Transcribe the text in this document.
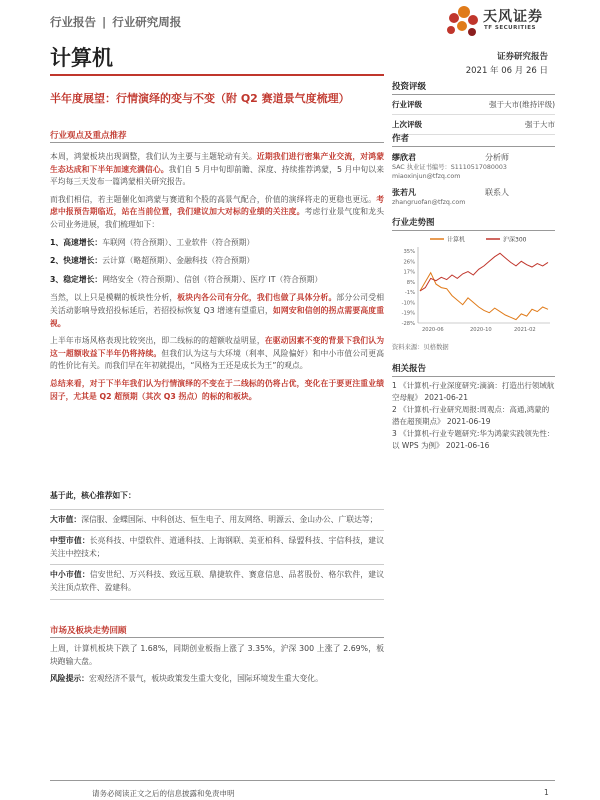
行业报告 | 行业研究周报	天风证券
TF SECURITIES
计算机	证券研究报告
2021 年 06 月 26 日
半年度展望：行情演绎的变与不变（附 Q2 赛道景气度梳理）
行业观点及重点推荐

本周，鸿蒙板块出现调整，我们认为主要与主题轮动有关。近期我们进行密集产业交流，对鸿蒙生态达成和下半年加速充满信心。我们自 5 月中旬即前瞻、深度、持续推荐鸿蒙，5 月中旬以来平均每三天发布一篇鸿蒙相关研究报告。

而我们相信，若主题催化如鸿蒙与赛道和个股的高景气配合，价值的演绎将走的更稳也更远。考虑中报预告期临近，站在当前位置，我们建议加大对标的业绩的关注度。考虑行业景气度和龙头公司业务进展，我们梳理如下：

1、高速增长：车联网（符合预期）、工业软件（符合预期）

2、快速增长：云计算（略超预期）、金融科技（符合预期）

3、稳定增长：网络安全（符合预期）、信创（符合预期）、医疗 IT（符合预期）

当然，以上只是模糊的板块性分析，板块内各公司有分化，我们也做了具体分析。部分公司受相关活动影响导致招投标延后，若招投标恢复 Q3 增速有望重启，如网安和信创的拐点需要高度重视。

上半年市场风格表现比较突出，即二线标的的超额收益明显，在驱动因素不变的背景下我们认为这一超额收益下半年仍将持续。但我们认为这与大环境（利率、风险偏好）和中小市值公司更高的性价比有关。而我们早在年初就提出，“风格为王还是成长为王”的观点。

总结来看，对于下半年我们认为行情演绎的不变在于二线标的仍将占优，变化在于要更注重业绩因子，尤其是 Q2 超预期（其次 Q3 拐点）的标的和板块。

基于此，核心推荐如下：

大市值：深信服、金蝶国际、中科创达、恒生电子、用友网络、明源云、金山办公、广联达等；

中型市值：长亮科技、中望软件、道通科技、上海钢联、美亚柏科、绿盟科技、宇信科技，建议关注中控技术；

中小市值：信安世纪、万兴科技、致远互联、鼎捷软件、赛意信息、品茗股份、格尔软件，建议关注顶点软件、盈建科。

市场及板块走势回顾

上周，计算机板块下跌了 1.68%，同期创业板指上涨了 3.35%，沪深 300 上涨了 2.69%，板块跑输大盘。

风险提示：宏观经济不景气，板块政策发生重大变化，国际环境发生重大变化。

投资评级
行业评级	强于大市(维持评级)
上次评级	强于大市
作者
缪欣君	分析师
SAC 执业证书编号：S1110517080003
miaoxinjun@tfzq.com
张若凡	联系人
zhangruofan@tfzq.com
行业走势图
计算机	沪深300
35%
26%
17%
8%
-1%
-10%
-19%
-28%
2020-06	2020-10	2021-02
资料来源：贝格数据
相关报告
1 《计算机-行业深度研究:滴滴：打造出行领域航空母舰》 2021-06-21
2 《计算机-行业研究周报:周观点：高通,鸿蒙的潜在超预期点》 2021-06-19
3 《计算机-行业专题研究:华为鸿蒙实践领先性：以 WPS 为例》 2021-06-16
请务必阅读正文之后的信息披露和免责申明	1
